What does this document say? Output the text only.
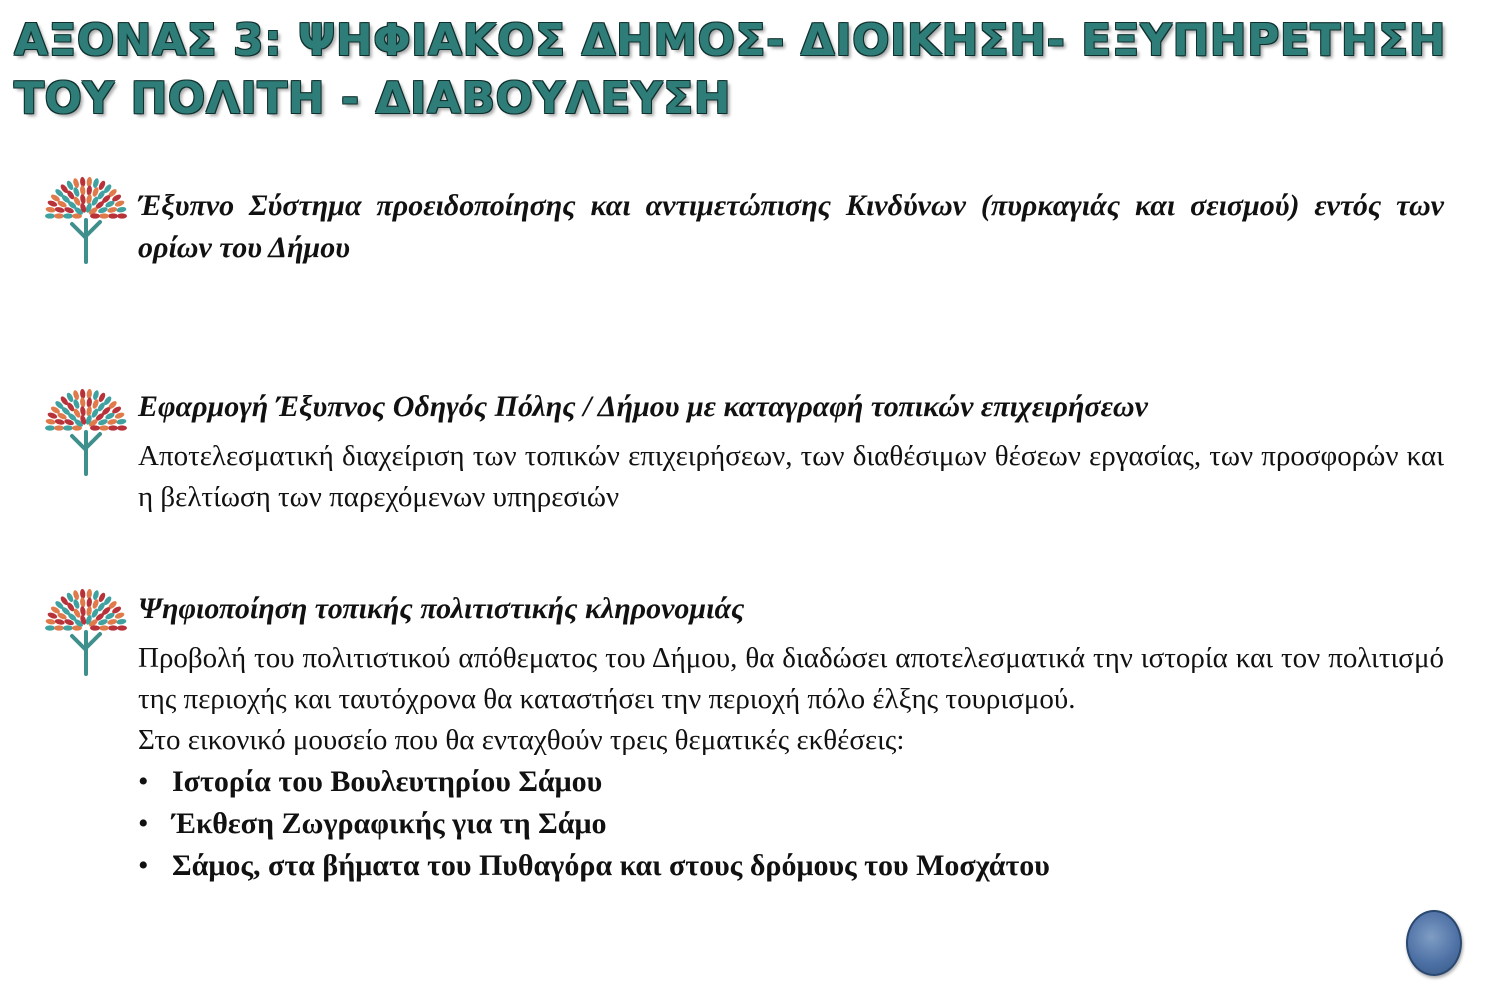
ΑΞΟΝΑΣ 3: ΨΗΦΙΑΚΟΣ ΔΗΜΟΣ- ΔΙΟΙΚΗΣΗ- ΕΞΥΠΗΡΕΤΗΣΗ ΤΟΥ ΠΟΛΙΤΗ - ΔΙΑΒΟΥΛΕΥΣΗ
Έξυπνο Σύστημα προειδοποίησης και αντιμετώπισης Κινδύνων (πυρκαγιάς και σεισμού) εντός των ορίων του Δήμου
Εφαρμογή Έξυπνος Οδηγός Πόλης / Δήμου με καταγραφή τοπικών επιχειρήσεων
Αποτελεσματική διαχείριση των τοπικών επιχειρήσεων, των διαθέσιμων θέσεων εργασίας, των προσφορών και η βελτίωση των παρεχόμενων υπηρεσιών
Ψηφιοποίηση τοπικής πολιτιστικής κληρονομιάς
Προβολή του πολιτιστικού απόθεματος του Δήμου, θα διαδώσει αποτελεσματικά την ιστορία και τον πολιτισμό της περιοχής και ταυτόχρονα θα καταστήσει την περιοχή πόλο έλξης τουρισμού.
Στο εικονικό μουσείο που θα ενταχθούν τρεις θεματικές εκθέσεις:
• Ιστορία του Βουλευτηρίου Σάμου
• Έκθεση Ζωγραφικής για τη Σάμο
• Σάμος, στα βήματα του Πυθαγόρα και στους δρόμους του Μοσχάτου
